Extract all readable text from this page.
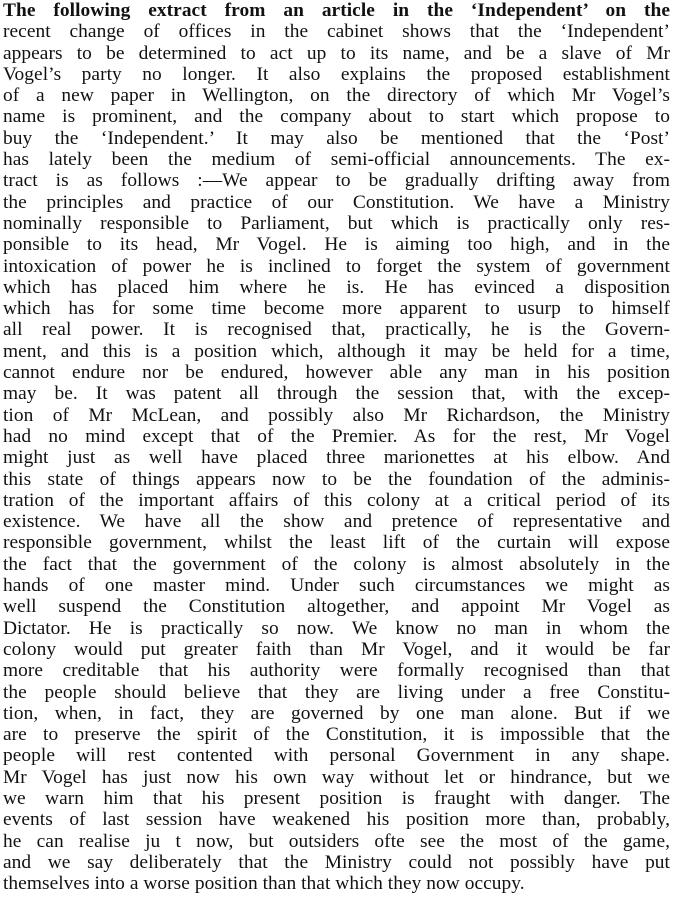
The following extract from an article in the ‘Independent’ on the
recent change of offices in the cabinet shows that the ‘Independent’
appears to be determined to act up to its name, and be a slave of Mr
Vogel’s party no longer. It also explains the proposed establishment
of a new paper in Wellington, on the directory of which Mr Vogel’s
name is prominent, and the company about to start which propose to
buy the ‘Independent.’ It may also be mentioned that the ‘Post’
has lately been the medium of semi-official announcements. The ex-
tract is as follows :—We appear to be gradually drifting away from
the principles and practice of our Constitution. We have a Ministry
nominally responsible to Parliament, but which is practically only res-
ponsible to its head, Mr Vogel. He is aiming too high, and in the
intoxication of power he is inclined to forget the system of government
which has placed him where he is. He has evinced a disposition
which has for some time become more apparent to usurp to himself
all real power. It is recognised that, practically, he is the Govern-
ment, and this is a position which, although it may be held for a time,
cannot endure nor be endured, however able any man in his position
may be. It was patent all through the session that, with the excep-
tion of Mr McLean, and possibly also Mr Richardson, the Ministry
had no mind except that of the Premier. As for the rest, Mr Vogel
might just as well have placed three marionettes at his elbow. And
this state of things appears now to be the foundation of the adminis-
tration of the important affairs of this colony at a critical period of its
existence. We have all the show and pretence of representative and
responsible government, whilst the least lift of the curtain will expose
the fact that the government of the colony is almost absolutely in the
hands of one master mind. Under such circumstances we might as
well suspend the Constitution altogether, and appoint Mr Vogel as
Dictator. He is practically so now. We know no man in whom the
colony would put greater faith than Mr Vogel, and it would be far
more creditable that his authority were formally recognised than that
the people should believe that they are living under a free Constitu-
tion, when, in fact, they are governed by one man alone. But if we
are to preserve the spirit of the Constitution, it is impossible that the
people will rest contented with personal Government in any shape.
Mr Vogel has just now his own way without let or hindrance, but we
we warn him that his present position is fraught with danger. The
events of last session have weakened his position more than, probably,
he can realise ju t now, but outsiders ofte see the most of the game,
and we say deliberately that the Ministry could not possibly have put
themselves into a worse position than that which they now occupy.
